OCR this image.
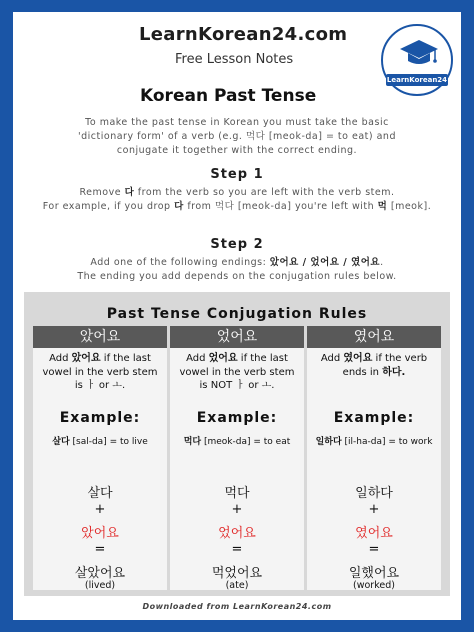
LearnKorean24.com
Free Lesson Notes
LearnKorean24
Korean Past Tense
To make the past tense in Korean you must take the basic
'dictionary form' of a verb (e.g. 먹다 [meok-da] = to eat) and
conjugate it together with the correct ending.
Step 1
Remove 다 from the verb so you are left with the verb stem.
For example, if you drop 다 from 먹다 [meok-da] you're left with 먹 [meok].
Step 2
Add one of the following endings: 았어요 / 었어요 / 였어요.
The ending you add depends on the conjugation rules below.
Past Tense Conjugation Rules
았어요
Add 았어요 if the last vowel in the verb stem is ㅏ or ㅗ.
Example:
살다 [sal-da] = to live
살다
+
았어요
=
살았어요
(lived)
었어요
Add 었어요 if the last vowel in the verb stem is NOT ㅏ or ㅗ.
Example:
먹다 [meok-da] = to eat
먹다
+
었어요
=
먹었어요
(ate)
였어요
Add 였어요 if the verb ends in 하다.
Example:
일하다 [il-ha-da] = to work
일하다
+
였어요
=
일했어요
(worked)
Downloaded from LearnKorean24.com
